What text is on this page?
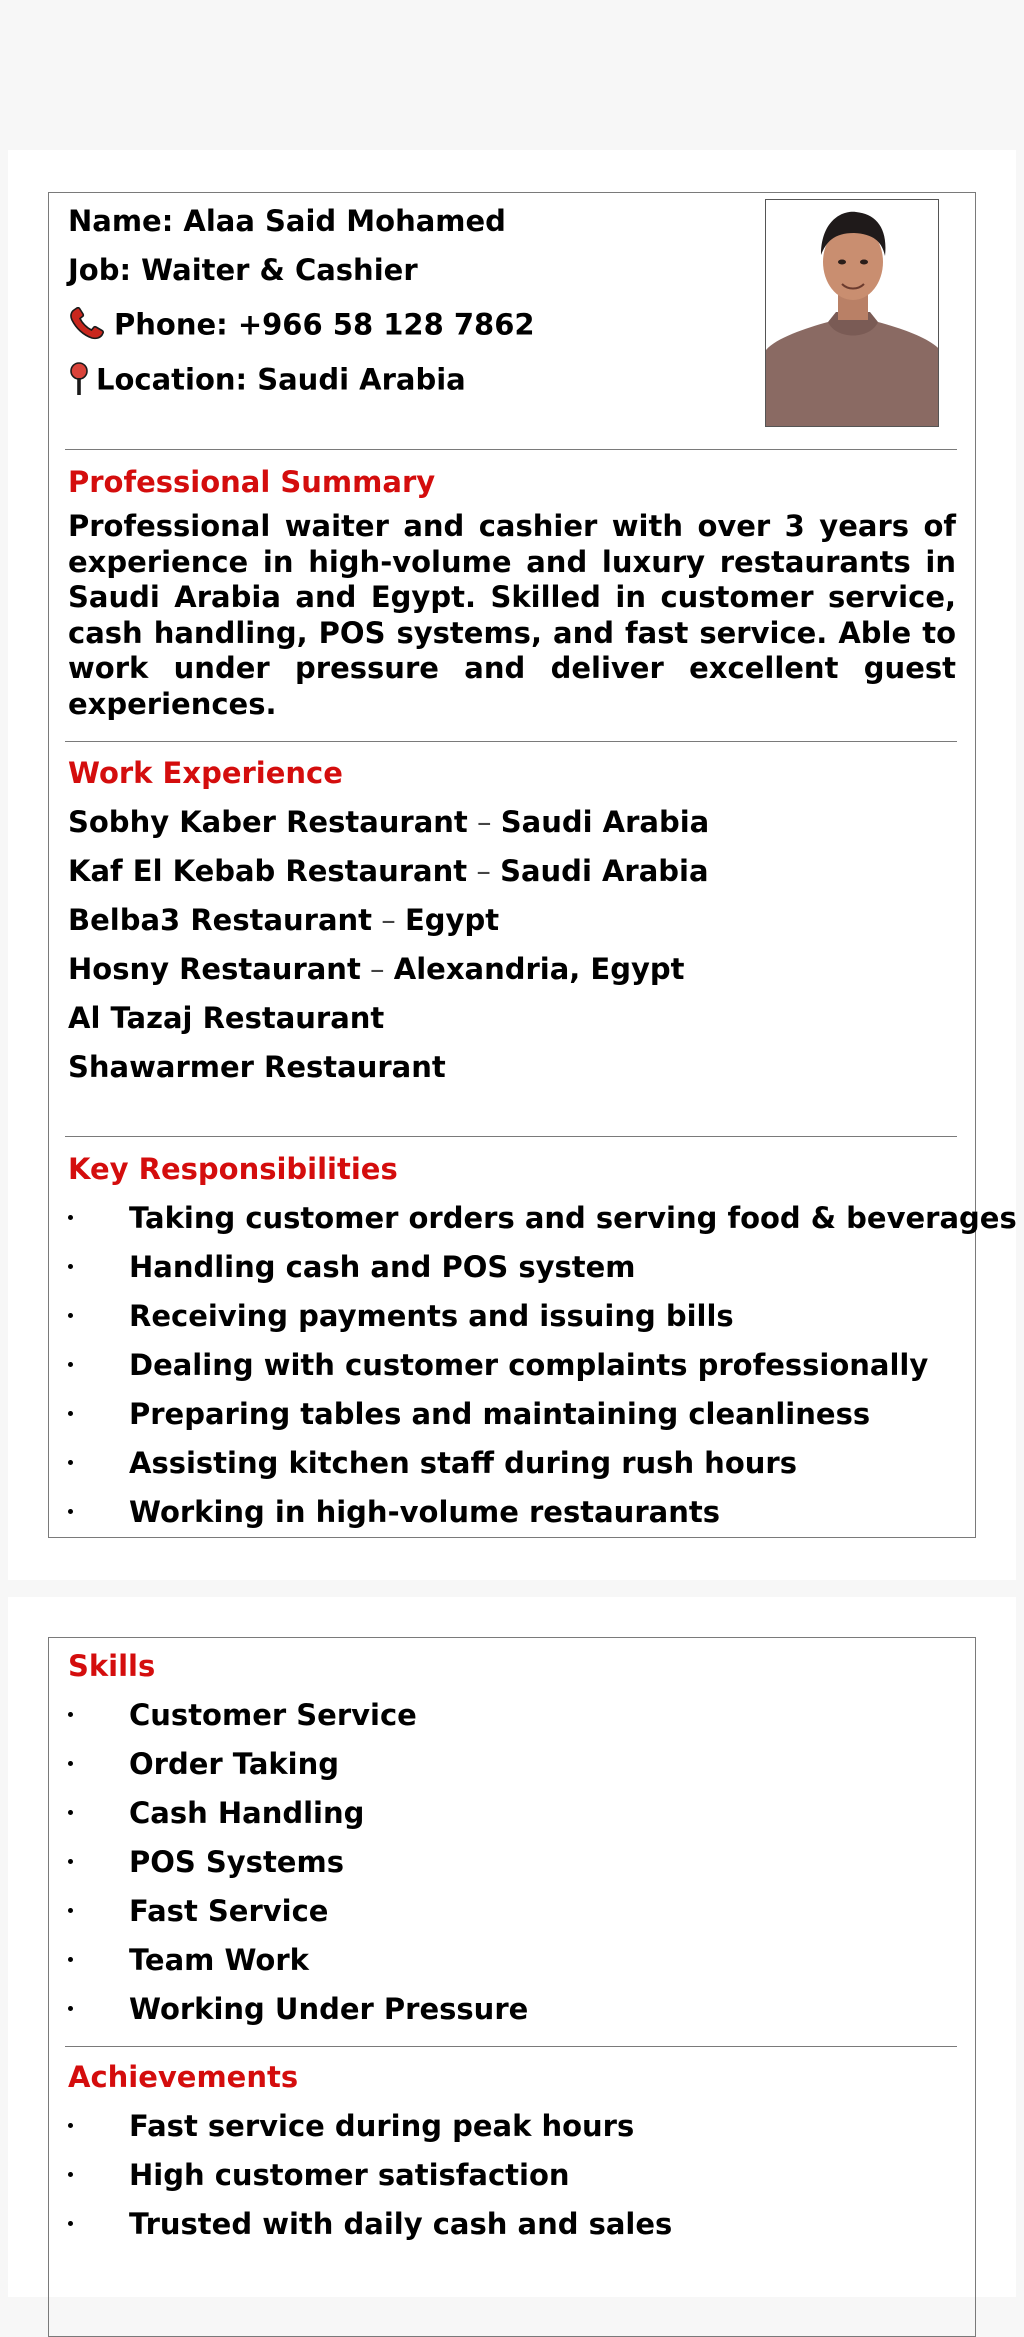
Name: Alaa Said Mohamed
Job: Waiter & Cashier
Phone: +966 58 128 7862
Location: Saudi Arabia
Professional Summary

Professional waiter and cashier with over 3 years of experience in high-volume and luxury restaurants in Saudi Arabia and Egypt. Skilled in customer service, cash handling, POS systems, and fast service. Able to work under pressure and deliver excellent guest experiences.

Work Experience
Sobhy Kaber Restaurant – Saudi Arabia
Kaf El Kebab Restaurant – Saudi Arabia
Belba3 Restaurant – Egypt
Hosny Restaurant – Alexandria, Egypt
Al Tazaj Restaurant
Shawarmer Restaurant
Key Responsibilities
Taking customer orders and serving food & beverages
Handling cash and POS system
Receiving payments and issuing bills
Dealing with customer complaints professionally
Preparing tables and maintaining cleanliness
Assisting kitchen staff during rush hours
Working in high-volume restaurants
Skills
Customer Service
Order Taking
Cash Handling
POS Systems
Fast Service
Team Work
Working Under Pressure
Achievements
Fast service during peak hours
High customer satisfaction
Trusted with daily cash and sales
